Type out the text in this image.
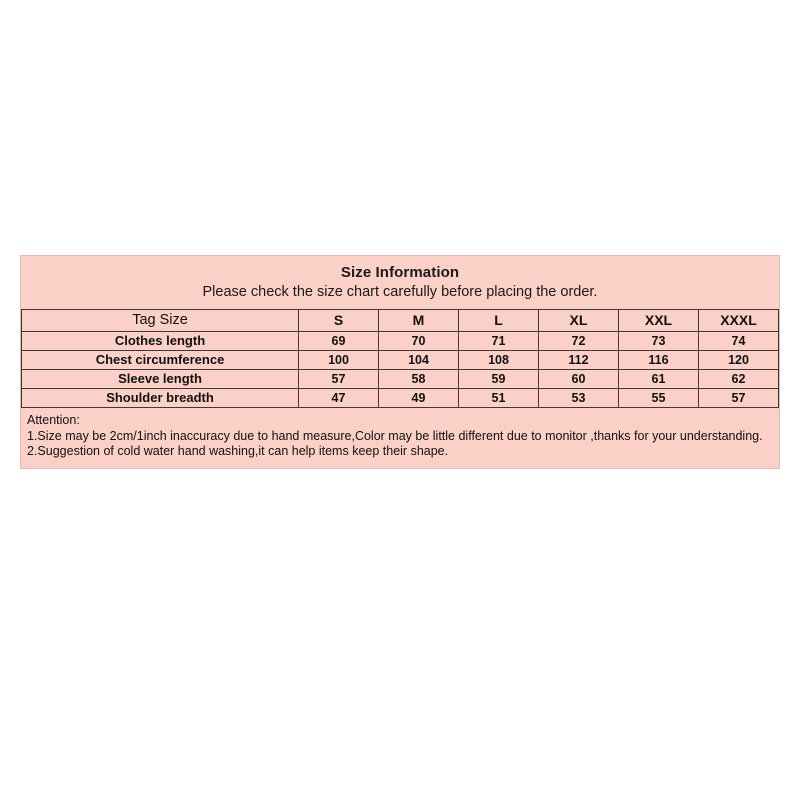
Size Information
Please check the size chart carefully before placing the order.
Tag Size	S	M	L	XL	XXL	XXXL
Clothes length	69	70	71	72	73	74
Chest circumference	100	104	108	112	116	120
Sleeve length	57	58	59	60	61	62
Shoulder breadth	47	49	51	53	55	57
Attention:
1.Size may be 2cm/1inch inaccuracy due to hand measure,Color may be little different due to monitor ,thanks for your understanding.
2.Suggestion of cold water hand washing,it can help items keep their shape.
